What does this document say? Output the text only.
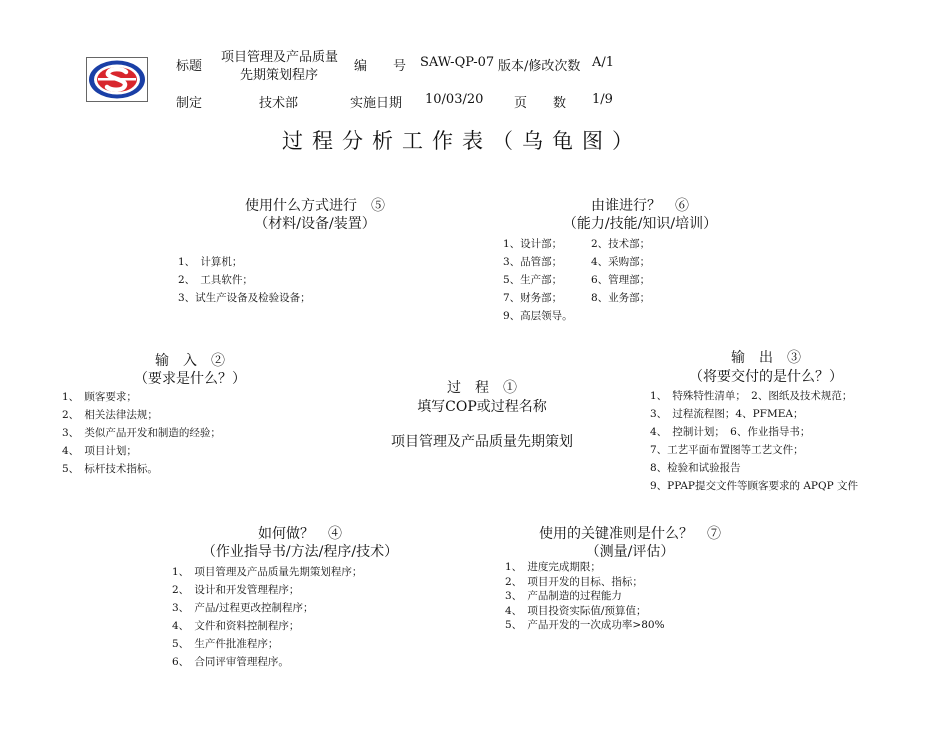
标题
项目管理及产品质量
先期策划程序
编　　号 SAW-QP-07 版本/修改次数 A/1
制定	技术部	实施日期 10/03/20 页　　数 1/9
过程分析工作表（乌龟图）
使用什么方式进行　⑤
（材料/设备/装置）
1、　计算机；
2、　工具软件；
3、试生产设备及检验设备；
由谁进行？　⑥
（能力/技能/知识/培训）
1、设计部；	2、技术部；
3、品管部；	4、采购部；
5、生产部；	6、管理部；
7、财务部；	8、业务部；
9、高层领导。
输　入　②
（要求是什么？）
1、　顾客要求；
2、　相关法律法规；
3、　类似产品开发和制造的经验；
4、　项目计划；
5、　标杆技术指标。
过　程　①
填写COP或过程名称
项目管理及产品质量先期策划
输　出　③
（将要交付的是什么？）
1、　特殊特性清单；　2、图纸及技术规范；
3、　过程流程图；4、PFMEA；
4、　控制计划；　6、作业指导书；
7、工艺平面布置图等工艺文件；
8、检验和试验报告
9、PPAP提交文件等顾客要求的 APQP 文件
如何做？　④
（作业指导书/方法/程序/技术）
1、　项目管理及产品质量先期策划程序；
2、　设计和开发管理程序；
3、　产品/过程更改控制程序；
4、　文件和资料控制程序；
5、　生产件批准程序；
6、　合同评审管理程序。
使用的关键准则是什么？　⑦
（测量/评估）
1、　进度完成期限；
2、　项目开发的目标、指标；
3、　产品制造的过程能力
4、　项目投资实际值/预算值；
5、　产品开发的一次成功率>80%
